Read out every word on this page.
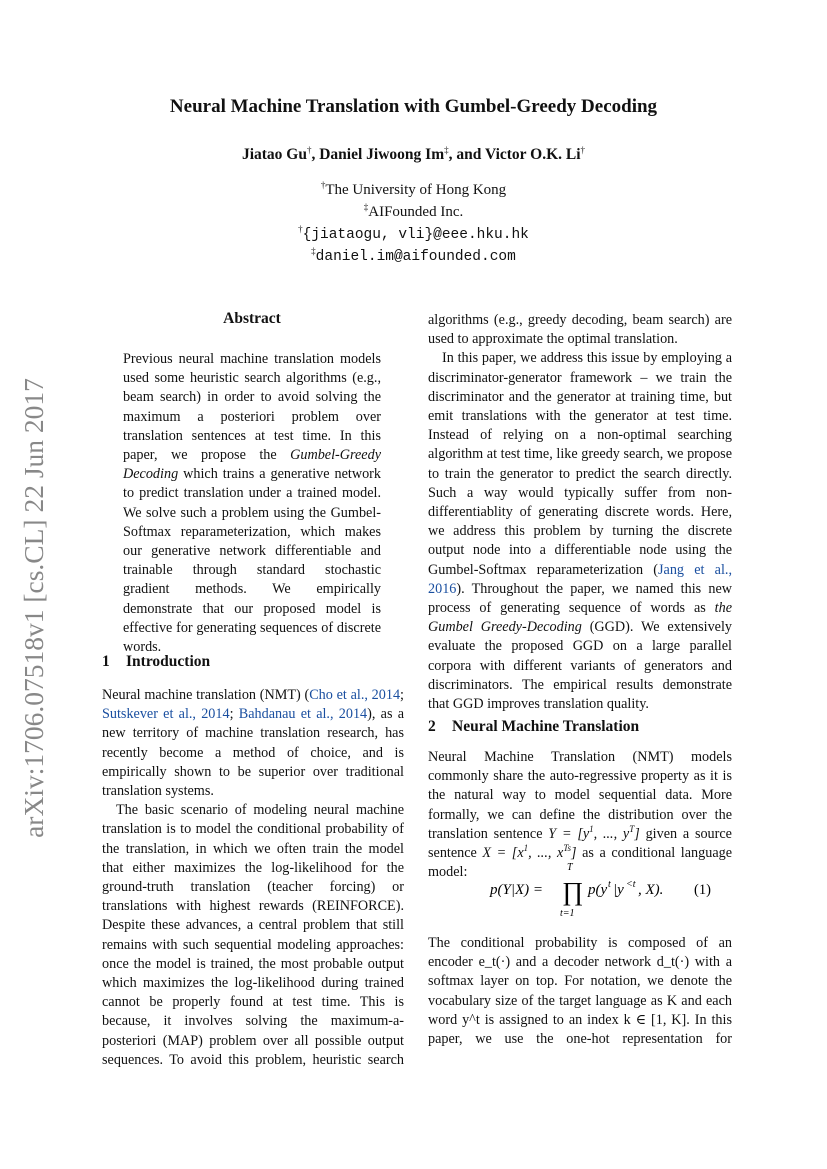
arXiv:1706.07518v1 [cs.CL] 22 Jun 2017
Neural Machine Translation with Gumbel-Greedy Decoding
Jiatao Gu†, Daniel Jiwoong Im‡, and Victor O.K. Li†
†The University of Hong Kong
‡AIFounded Inc.
†{jiataogu, vli}@eee.hku.hk
‡daniel.im@aifounded.com
Abstract

Previous neural machine translation models used some heuristic search algorithms (e.g., beam search) in order to avoid solving the maximum a posteriori problem over translation sentences at test time. In this paper, we propose the Gumbel-Greedy Decoding which trains a generative network to predict translation under a trained model. We solve such a problem using the Gumbel-Softmax reparameterization, which makes our generative network differentiable and trainable through standard stochastic gradient methods. We empirically demonstrate that our proposed model is effective for generating sequences of discrete words.

1 Introduction

Neural machine translation (NMT) (Cho et al., 2014; Sutskever et al., 2014; Bahdanau et al., 2014), as a new territory of machine translation research, has recently become a method of choice, and is empirically shown to be superior over traditional translation systems.

The basic scenario of modeling neural machine translation is to model the conditional probability of the translation, in which we often train the model that either maximizes the log-likelihood for the ground-truth translation (teacher forcing) or translations with highest rewards (REINFORCE). Despite these advances, a central problem that still remains with such sequential modeling approaches: once the model is trained, the most probable output which maximizes the log-likelihood during trained cannot be properly found at test time. This is because, it involves solving the maximum-a-posteriori (MAP) problem over all possible output sequences. To avoid this problem, heuristic search

algorithms (e.g., greedy decoding, beam search) are used to approximate the optimal translation.

In this paper, we address this issue by employing a discriminator-generator framework – we train the discriminator and the generator at training time, but emit translations with the generator at test time. Instead of relying on a non-optimal searching algorithm at test time, like greedy search, we propose to train the generator to predict the search directly. Such a way would typically suffer from non-differentiablity of generating discrete words. Here, we address this problem by turning the discrete output node into a differentiable node using the Gumbel-Softmax reparameterization (Jang et al., 2016). Throughout the paper, we named this new process of generating sequence of words as the Gumbel Greedy-Decoding (GGD). We extensively evaluate the proposed GGD on a large parallel corpora with different variants of generators and discriminators. The empirical results demonstrate that GGD improves translation quality.

2 Neural Machine Translation

Neural Machine Translation (NMT) models commonly share the auto-regressive property as it is the natural way to model sequential data. More formally, we can define the distribution over the translation sentence $Y = [y^1$, ..., $y^T$] given a source sentence $X = [x^1$, ..., $x^{Ts}$] as a conditional language model:

p(Y|X) = ∏
T
t=1
p(y t |y <t , X). (1)

The conditional probability is composed of an encoder e_t(·) and a decoder network d_t(·) with a softmax layer on top. For notation, we denote the vocabulary size of the target language as K and each word y^t is assigned to an index k ∈ [1, K]. In this paper, we use the one-hot representation for
